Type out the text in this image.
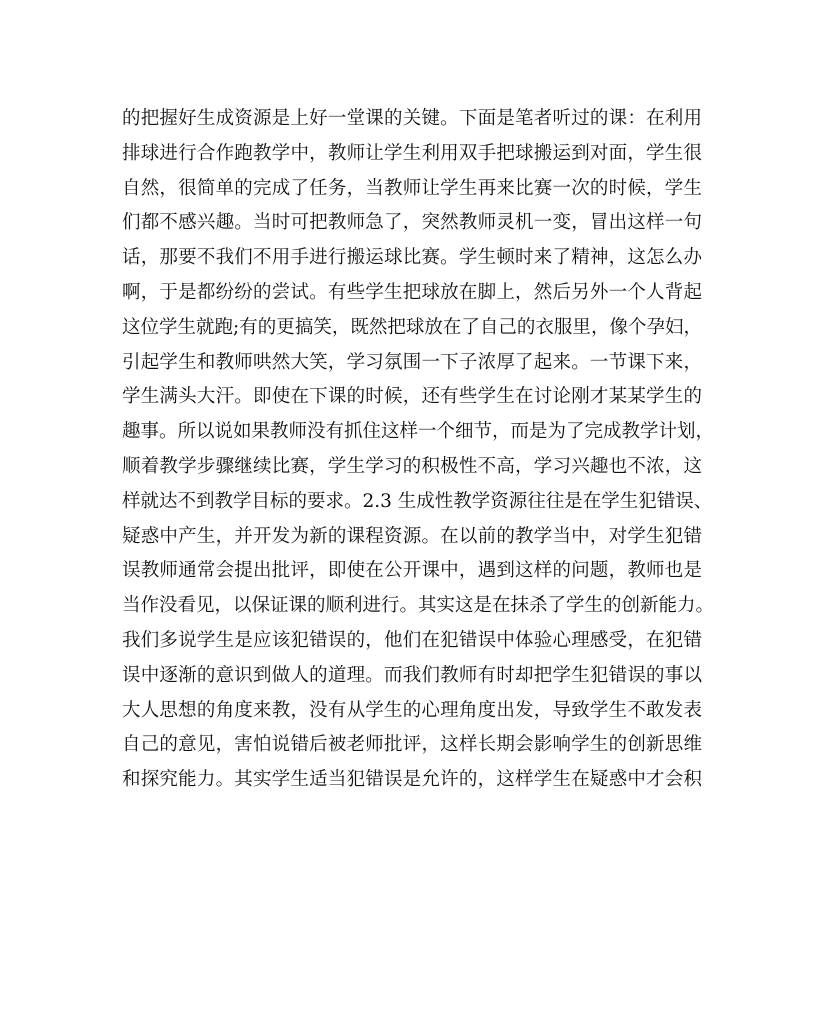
的把握好生成资源是上好一堂课的关键。下面是笔者听过的课：在利用
排球进行合作跑教学中，教师让学生利用双手把球搬运到对面，学生很
自然，很简单的完成了任务，当教师让学生再来比赛一次的时候，学生
们都不感兴趣。当时可把教师急了，突然教师灵机一变，冒出这样一句
话，那要不我们不用手进行搬运球比赛。学生顿时来了精神，这怎么办
啊，于是都纷纷的尝试。有些学生把球放在脚上，然后另外一个人背起
这位学生就跑;有的更搞笑，既然把球放在了自己的衣服里，像个孕妇，
引起学生和教师哄然大笑，学习氛围一下子浓厚了起来。一节课下来，
学生满头大汗。即使在下课的时候，还有些学生在讨论刚才某某学生的
趣事。所以说如果教师没有抓住这样一个细节，而是为了完成教学计划，
顺着教学步骤继续比赛，学生学习的积极性不高，学习兴趣也不浓，这
样就达不到教学目标的要求。2.3 生成性教学资源往往是在学生犯错误、
疑惑中产生，并开发为新的课程资源。在以前的教学当中，对学生犯错
误教师通常会提出批评，即使在公开课中，遇到这样的问题，教师也是
当作没看见，以保证课的顺利进行。其实这是在抹杀了学生的创新能力。
我们多说学生是应该犯错误的，他们在犯错误中体验心理感受，在犯错
误中逐渐的意识到做人的道理。而我们教师有时却把学生犯错误的事以
大人思想的角度来教，没有从学生的心理角度出发，导致学生不敢发表
自己的意见，害怕说错后被老师批评，这样长期会影响学生的创新思维
和探究能力。其实学生适当犯错误是允许的，这样学生在疑惑中才会积
